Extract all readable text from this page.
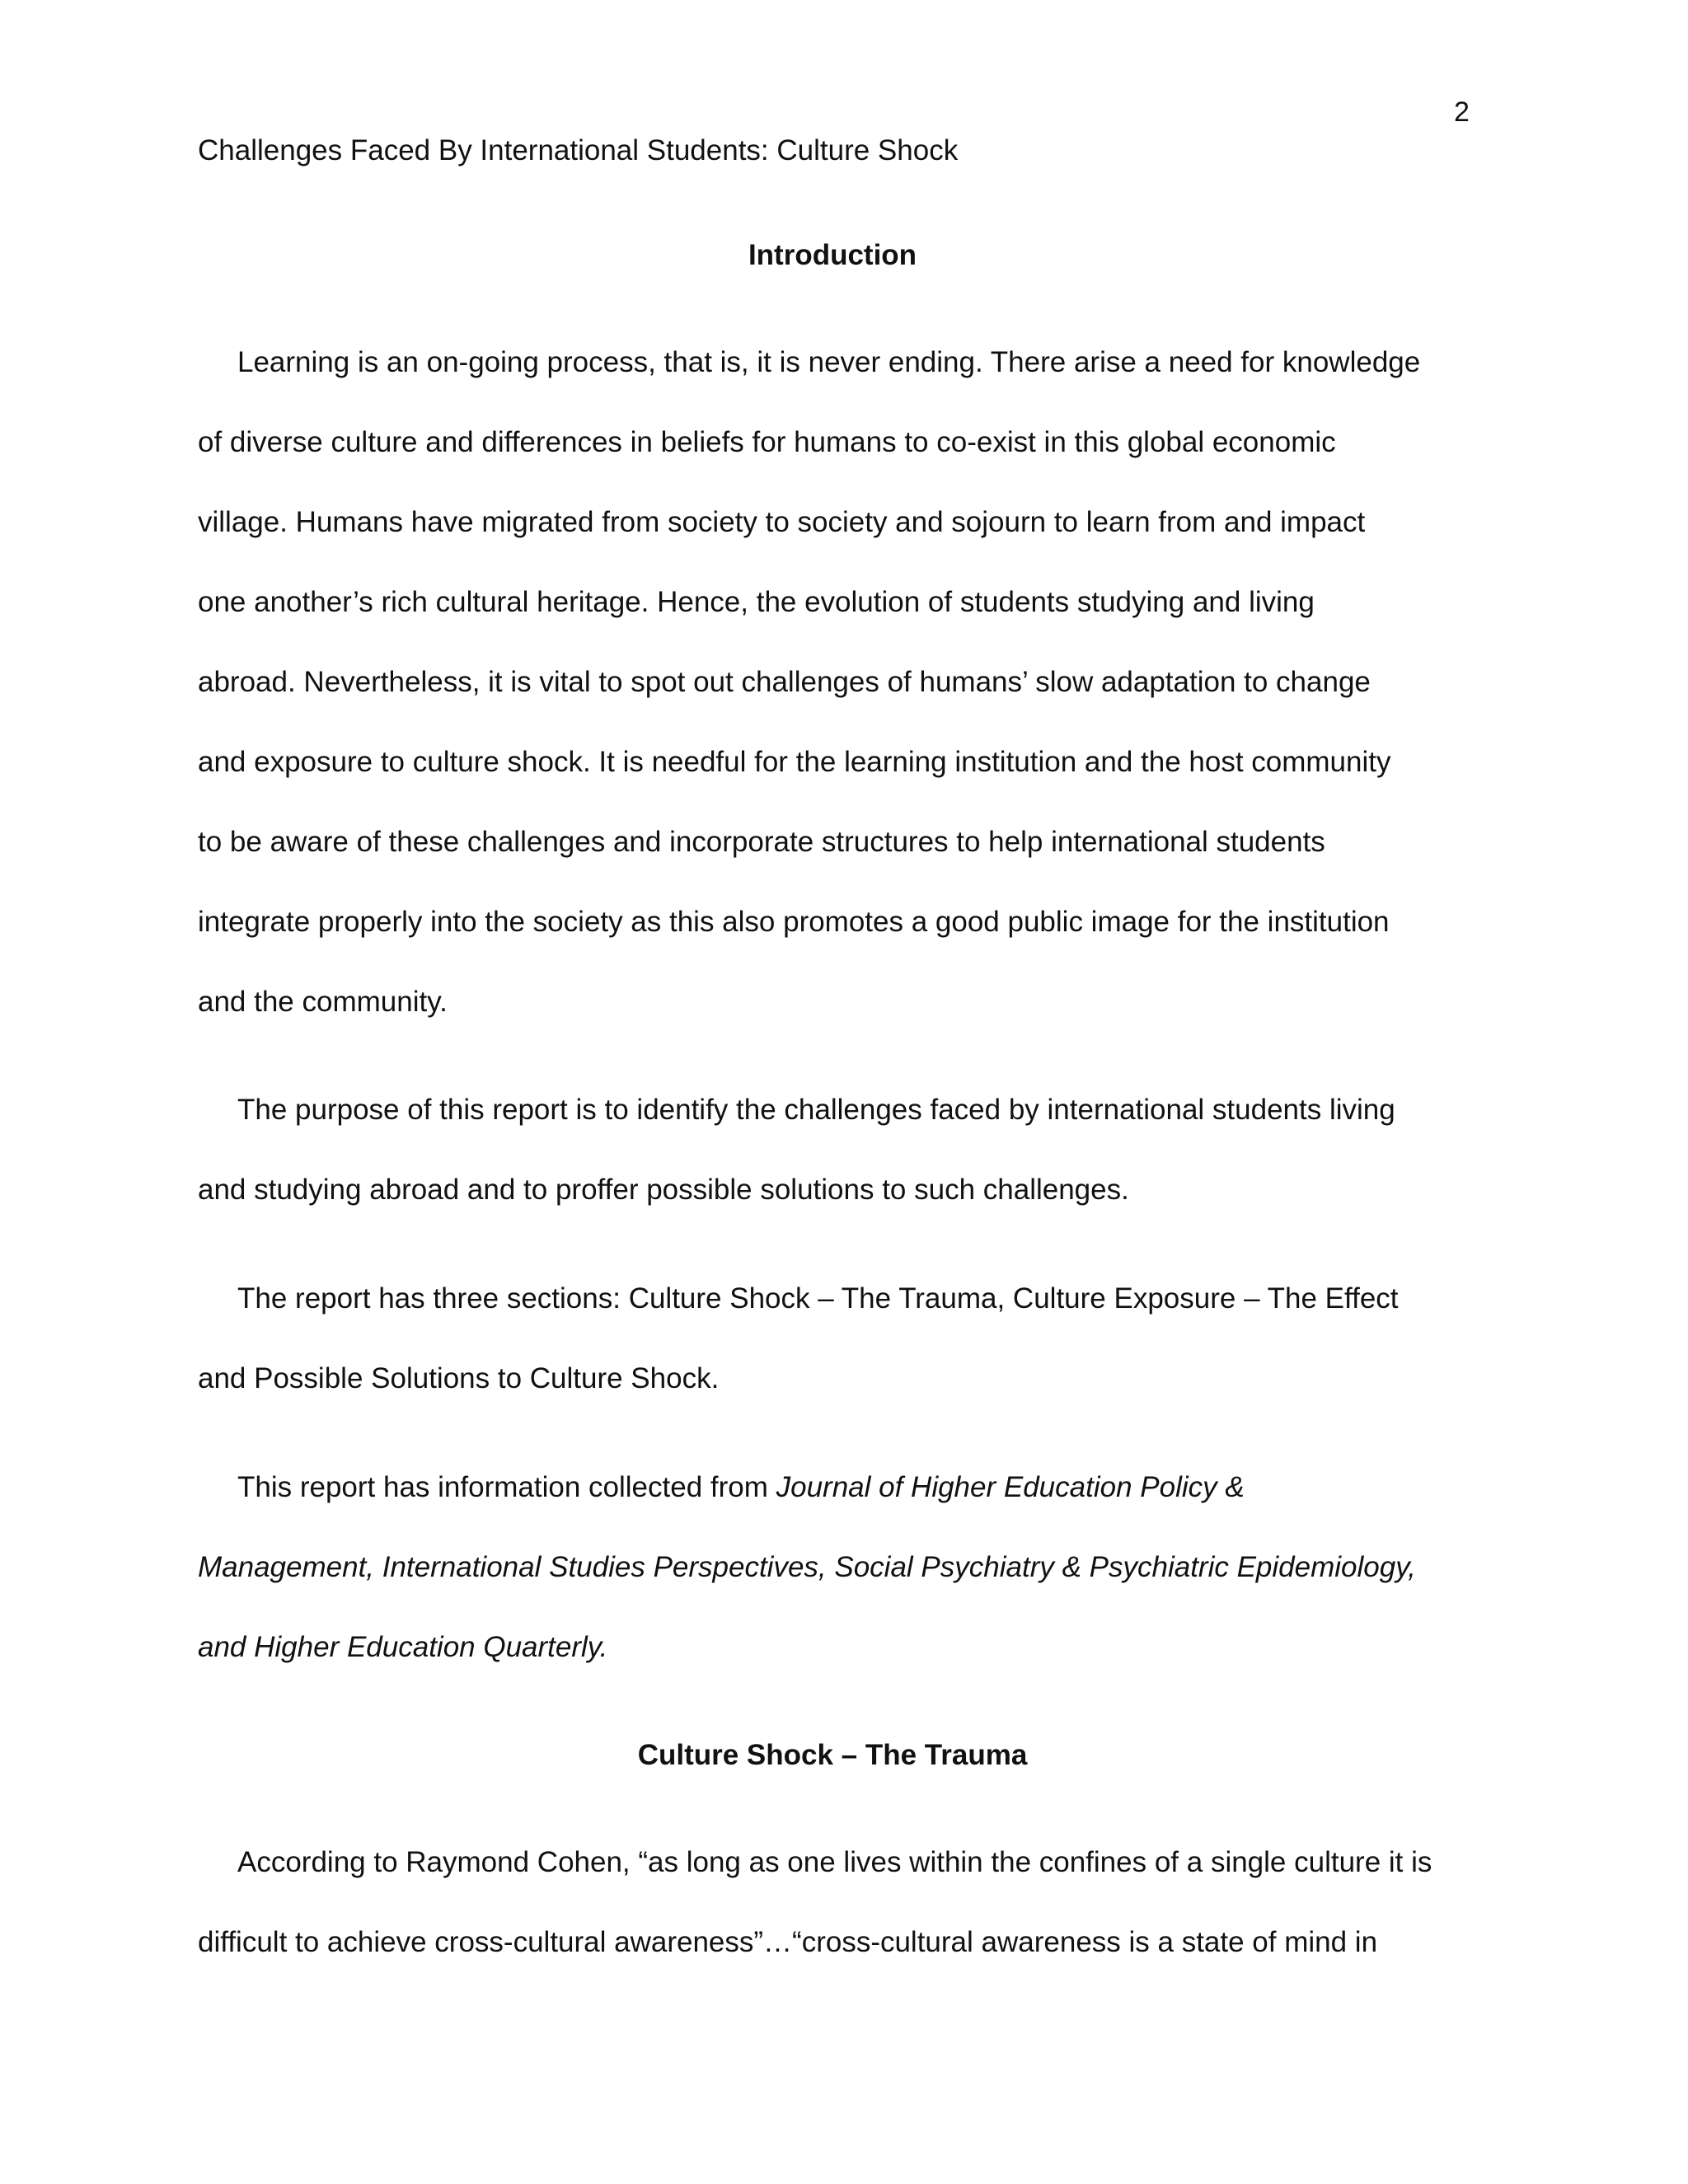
2
Challenges Faced By International Students: Culture Shock
Introduction
Learning is an on-going process, that is, it is never ending. There arise a need for knowledge
of diverse culture and differences in beliefs for humans to co-exist in this global economic
village. Humans have migrated from society to society and sojourn to learn from and impact
one another’s rich cultural heritage. Hence, the evolution of students studying and living
abroad. Nevertheless, it is vital to spot out challenges of humans’ slow adaptation to change
and exposure to culture shock. It is needful for the learning institution and the host community
to be aware of these challenges and incorporate structures to help international students
integrate properly into the society as this also promotes a good public image for the institution
and the community.
The purpose of this report is to identify the challenges faced by international students living
and studying abroad and to proffer possible solutions to such challenges.
The report has three sections: Culture Shock – The Trauma, Culture Exposure – The Effect
and Possible Solutions to Culture Shock.
This report has information collected from Journal of Higher Education Policy &
Management, International Studies Perspectives, Social Psychiatry & Psychiatric Epidemiology,
and Higher Education Quarterly.
Culture Shock – The Trauma
According to Raymond Cohen, “as long as one lives within the confines of a single culture it is
difficult to achieve cross-cultural awareness”…“cross-cultural awareness is a state of mind in
